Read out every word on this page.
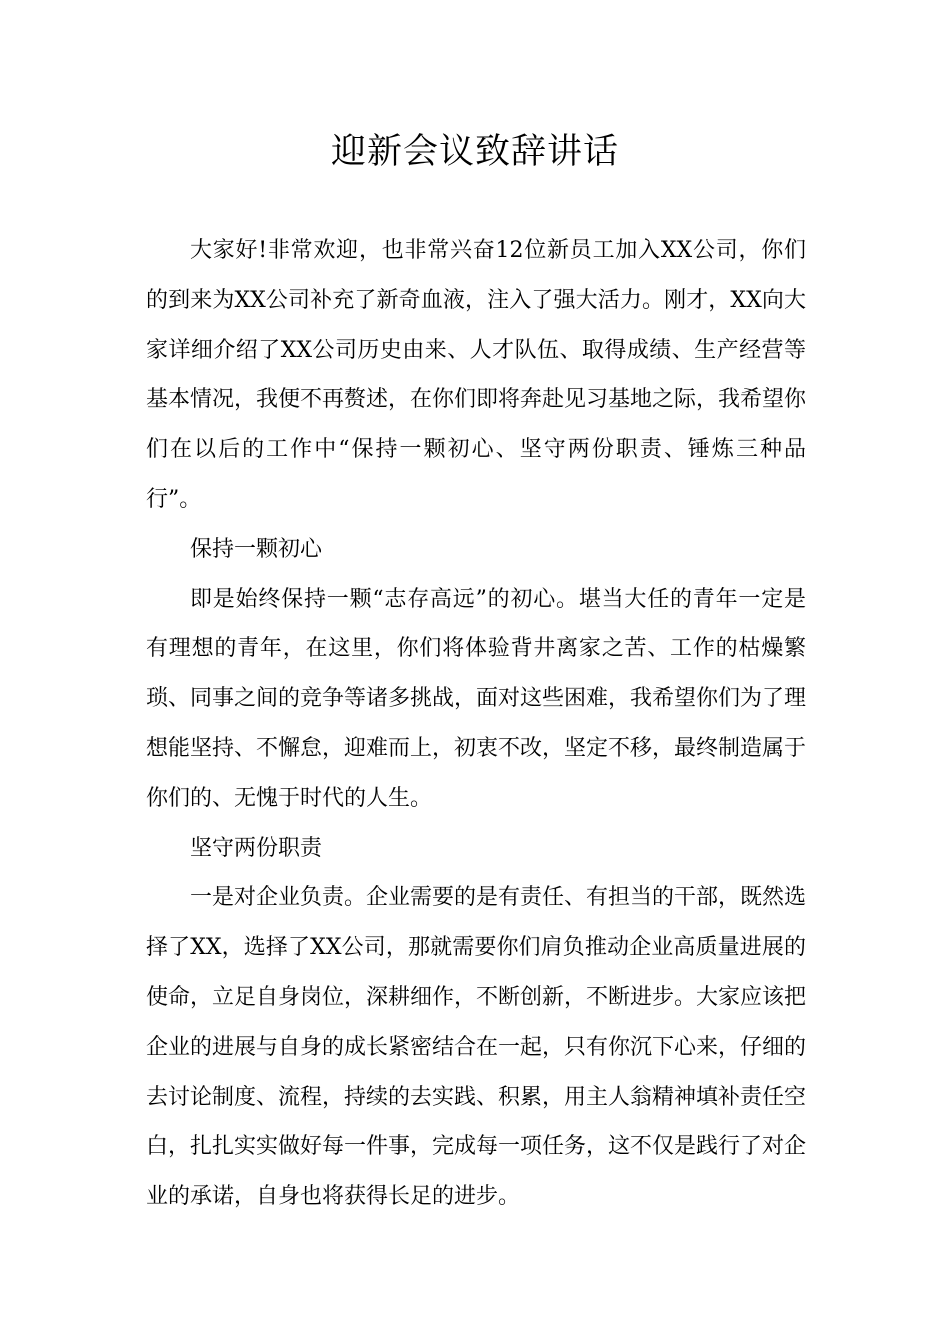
迎新会议致辞讲话

大家好!非常欢迎，也非常兴奋12位新员工加入XX公司，你们的到来为XX公司补充了新奇血液，注入了强大活力。刚才，XX向大家详细介绍了XX公司历史由来、人才队伍、取得成绩、生产经营等基本情况，我便不再赘述，在你们即将奔赴见习基地之际，我希望你们在以后的工作中“保持一颗初心、坚守两份职责、锤炼三种品行”。

保持一颗初心

即是始终保持一颗“志存高远”的初心。堪当大任的青年一定是有理想的青年，在这里，你们将体验背井离家之苦、工作的枯燥繁琐、同事之间的竞争等诸多挑战，面对这些困难，我希望你们为了理想能坚持、不懈怠，迎难而上，初衷不改，坚定不移，最终制造属于你们的、无愧于时代的人生。

坚守两份职责

一是对企业负责。企业需要的是有责任、有担当的干部，既然选择了XX，选择了XX公司，那就需要你们肩负推动企业高质量进展的使命，立足自身岗位，深耕细作，不断创新，不断进步。大家应该把企业的进展与自身的成长紧密结合在一起，只有你沉下心来，仔细的去讨论制度、流程，持续的去实践、积累，用主人翁精神填补责任空白，扎扎实实做好每一件事，完成每一项任务，这不仅是践行了对企业的承诺，自身也将获得长足的进步。
